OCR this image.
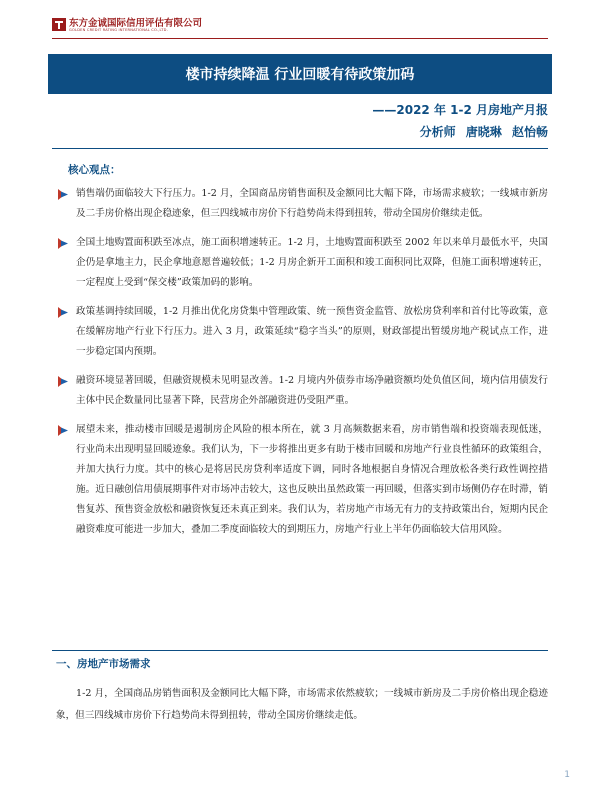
东方金诚国际信用评估有限公司
GOLDEN CREDIT RATING INTERNATIONAL CO.,LTD.
楼市持续降温 行业回暖有待政策加码
——2022 年 1-2 月房地产月报
分析师 唐晓琳 赵怡畅
核心观点：
销售端仍面临较大下行压力。1-2 月，全国商品房销售面积及金额同比大幅下降，市场需求疲软；一线城市新房及二手房价格出现企稳迹象，但三四线城市房价下行趋势尚未得到扭转，带动全国房价继续走低。
全国土地购置面积跌至冰点，施工面积增速转正。1-2 月，土地购置面积跌至 2002 年以来单月最低水平，央国企仍是拿地主力，民企拿地意愿普遍较低；1-2 月房企新开工面积和竣工面积同比双降，但施工面积增速转正，一定程度上受到“保交楼”政策加码的影响。
政策基调持续回暖，1-2 月推出优化房贷集中管理政策、统一预售资金监管、放松房贷利率和首付比等政策，意在缓解房地产行业下行压力。进入 3 月，政策延续“稳字当头”的原则，财政部提出暂缓房地产税试点工作，进一步稳定国内预期。
融资环境显著回暖，但融资规模未见明显改善。1-2 月境内外债券市场净融资额均处负值区间，境内信用债发行主体中民企数量同比显著下降，民营房企外部融资进仍受阻严重。
展望未来，推动楼市回暖是遏制房企风险的根本所在，就 3 月高频数据来看，房市销售端和投资端表现低迷，行业尚未出现明显回暖迹象。我们认为，下一步将推出更多有助于楼市回暖和房地产行业良性循环的政策组合，并加大执行力度。其中的核心是将居民房贷利率适度下调，同时各地根据自身情况合理放松各类行政性调控措施。近日融创信用债展期事件对市场冲击较大，这也反映出虽然政策一再回暖，但落实到市场侧仍存在时滞，销售复苏、预售资金放松和融资恢复还未真正到来。我们认为，若房地产市场无有力的支持政策出台，短期内民企融资难度可能进一步加大，叠加二季度面临较大的到期压力，房地产行业上半年仍面临较大信用风险。
一、房地产市场需求
1-2 月，全国商品房销售面积及金额同比大幅下降，市场需求依然疲软；一线城市新房及二手房价格出现企稳迹象，但三四线城市房价下行趋势尚未得到扭转，带动全国房价继续走低。
1
